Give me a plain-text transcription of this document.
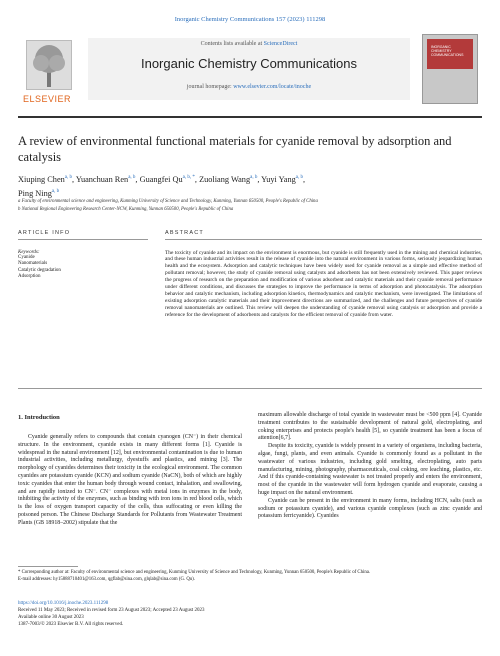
Inorganic Chemistry Communications 157 (2023) 111298
ELSEVIER
Contents lists available at ScienceDirect
Inorganic Chemistry Communications
journal homepage: www.elsevier.com/locate/inoche
INORGANIC CHEMISTRY COMMUNICATIONS
A review of environmental functional materials for cyanide removal by adsorption and catalysis
Xiuping Chen$^{a, b}$, Yuanchuan Ren$^{a, b}$, Guangfei $Qu^{a, b, *}$, Zuoliang Wang$^{a, b}$, Yuyi Yang$^{a, b}$,
Ping Ning$^{a, b}$
a Faculty of environmental science and engineering, Kunming University of Science and Technology, Kunming, Yunnan 650500, People's Republic of China
b National Regional Engineering Research Center-NCW, Kunming, Yunnan 650500, People's Republic of China
ARTICLE INFO
Keywords:
Cyanide
Nanomaterials
Catalytic degradation
Adsorption
ABSTRACT
The toxicity of cyanide and its impact on the environment is enormous, but cyanide is still frequently used in the mining and chemical industries, and these human industrial activities result in the release of cyanide into the natural environment in various forms, seriously jeopardizing human health and the ecosystem. Adsorption and catalytic techniques have been widely used for cyanide removal as a simple and effective method of pollutant removal; however, the study of cyanide removal using catalysts and adsorbents has not been extensively reviewed. This paper reviews the progress of research on the preparation and modification of various adsorbent and catalytic materials and their cyanide removal performance under different conditions, and discusses the strategies to improve the performance in terms of adsorption and photocatalysis. The adsorption behavior and catalytic mechanism, including adsorption kinetics, thermodynamics and catalytic mechanism, were investigated. The limitations of existing adsorption catalytic materials and their improvement directions are summarized, and the challenges and future perspectives of cyanide removal nanomaterials are outlined. This review will deepen the understanding of cyanide removal using catalysis or adsorption and provide a reference for the development of adsorbents and catalysts for the efficient removal of cyanide from water.
1. Introduction

Cyanide generally refers to compounds that contain cyanogen (CN⁻) in their chemical structure. In the environment, cyanide exists in many different forms [1]. Cyanide is widespread in the natural environment [12], but environmental contamination is due to human industrial activities, including metallurgy, dyestuffs and plastics, and mining [3]. The morphology of cyanides determines their toxicity in the ecological environment. The common cyanides are potassium cyanide (KCN) and sodium cyanide (NaCN), both of which are highly toxic cyanides that enter the human body through wound contact, inhalation, and swallowing, and are rapidly ionized to CN⁻. CN⁻ complexes with metal ions in enzymes in the body, inhibiting the activity of the enzymes, such as binding with iron ions in red blood cells, which is the loss of oxygen transport capacity of the cells, thus suffocating or even killing the poisoned person. The Chinese Discharge Standards for Pollutants from Wastewater Treatment Plants (GB 18918–2002) stipulate that the

maximum allowable discharge of total cyanide in wastewater must be <500 ppm [4]. Cyanide treatment contributes to the sustainable development of natural gold, electroplating, and coking enterprises and protects people's health [5], so cyanide treatment has been a focus of attention[6,7].

Despite its toxicity, cyanide is widely present in a variety of organisms, including bacteria, algae, fungi, plants, and even animals. Cyanide is commonly found as a pollutant in the wastewater of various industries, including gold smelting, electroplating, auto parts manufacturing, mining, photography, pharmaceuticals, coal coking, ore leaching, plastics, etc. And if this cyanide-containing wastewater is not treated properly and enters the environment, most of the cyanide in the wastewater will form hydrogen cyanide and evaporate, causing a huge impact on the natural environment.

Cyanide can be present in the environment in many forms, including HCN, salts (such as sodium or potassium cyanide), and various cyanide complexes (such as zinc cyanide and potassium ferricyanide). Cyanides

* Corresponding author at: Faculty of environmental science and engineering, Kunming University of Science and Technology, Kunming, Yunnan 650500, People's Republic of China.
E-mail addresses: hy15888710401@163.com, qgflab@sina.com, glqlab@sina.com (G. Qu).
https://doi.org/10.1016/j.inoche.2023.111298
Received 11 May 2023; Received in revised form 23 August 2023; Accepted 23 August 2023
Available online 30 August 2023
1387-7003/© 2023 Elsevier B.V. All rights reserved.
